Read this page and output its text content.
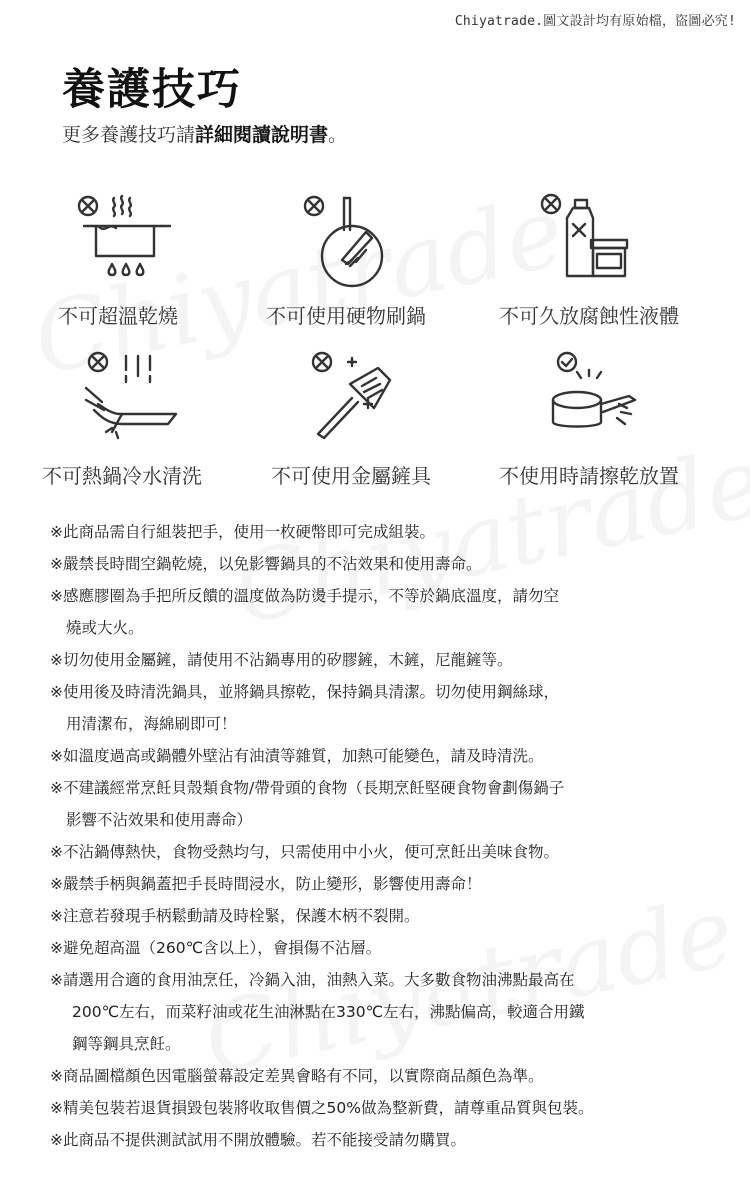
Chiyatrade.圖文設計均有原始檔，盜圖必究!
養護技巧
更多養護技巧請詳細閱讀說明書。
不可超溫乾燒	不可使用硬物刷鍋	不可久放腐蝕性液體
不可熱鍋冷水清洗	不可使用金屬鏟具	不使用時請擦乾放置
※此商品需自行組裝把手，使用一枚硬幣即可完成組裝。
※嚴禁長時間空鍋乾燒，以免影響鍋具的不沾效果和使用壽命。
※感應膠圈為手把所反饋的溫度做為防燙手提示，不等於鍋底溫度，請勿空
燒或大火。
※切勿使用金屬鏟，請使用不沾鍋專用的矽膠鏟，木鏟，尼龍鏟等。
※使用後及時清洗鍋具，並將鍋具擦乾，保持鍋具清潔。切勿使用鋼絲球，
用清潔布，海綿刷即可！
※如溫度過高或鍋體外壁沾有油漬等雜質，加熱可能變色，請及時清洗。
※不建議經常烹飪貝殼類食物/帶骨頭的食物（長期烹飪堅硬食物會劃傷鍋子
影響不沾效果和使用壽命）
※不沾鍋傳熱快，食物受熱均勻，只需使用中小火，便可烹飪出美味食物。
※嚴禁手柄與鍋蓋把手長時間浸水，防止變形，影響使用壽命！
※注意若發現手柄鬆動請及時栓緊，保護木柄不裂開。
※避免超高溫（260℃含以上），會損傷不沾層。
※請選用合適的食用油烹任，冷鍋入油，油熱入菜。大多數食物油沸點最高在
200℃左右，而菜籽油或花生油淋點在330℃左右，沸點偏高，較適合用鐵
鋼等鋼具烹飪。
※商品圖檔顏色因電腦螢幕設定差異會略有不同，以實際商品顏色為準。
※精美包裝若退貨損毀包裝將收取售價之50%做為整新費，請尊重品質與包裝。
※此商品不提供測試試用不開放體驗。若不能接受請勿購買。
